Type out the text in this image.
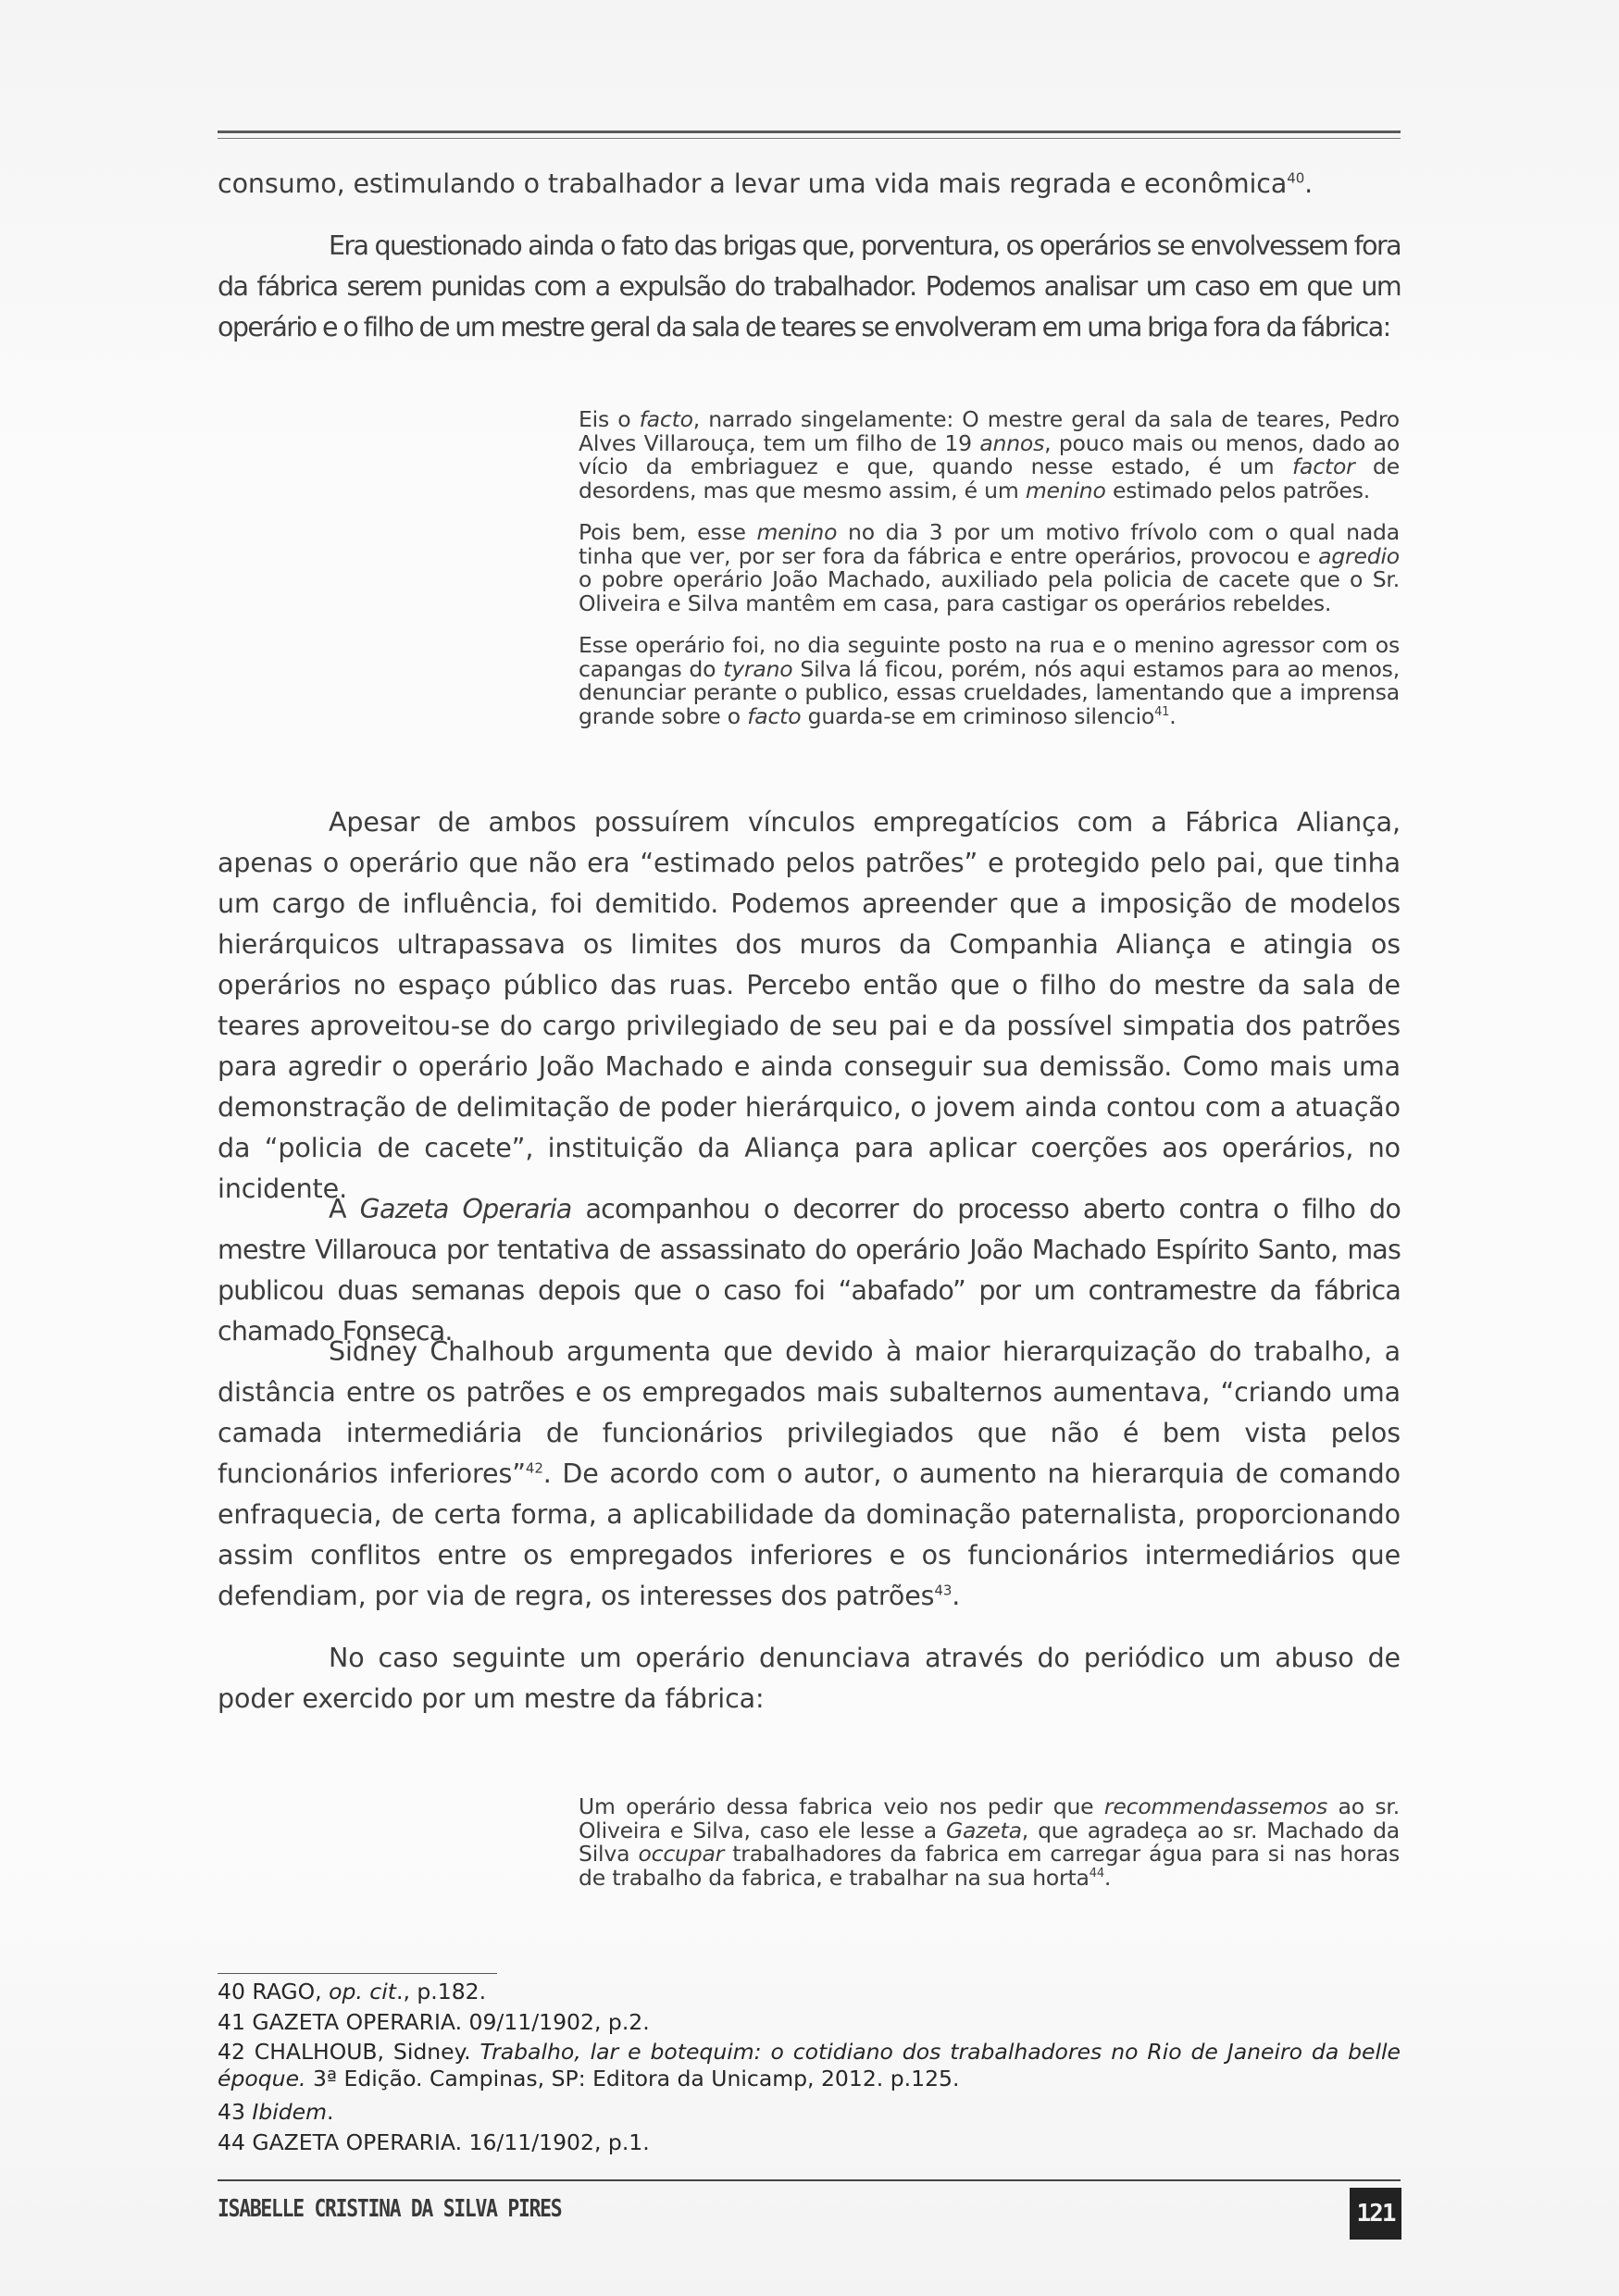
consumo, estimulando o trabalhador a levar uma vida mais regrada e econômica$^{40}$.
Era questionado ainda o fato das brigas que, porventura, os operários se envolvessem fora da fábrica serem punidas com a expulsão do trabalhador. Podemos analisar um caso em que um operário e o filho de um mestre geral da sala de teares se envolveram em uma briga fora da fábrica:

Eis o facto, narrado singelamente: O mestre geral da sala de teares, Pedro Alves Villarouça, tem um filho de 19 annos, pouco mais ou menos, dado ao vício da embriaguez e que, quando nesse estado, é um factor de desordens, mas que mesmo assim, é um menino estimado pelos patrões.

Pois bem, esse menino no dia 3 por um motivo frívolo com o qual nada tinha que ver, por ser fora da fábrica e entre operários, provocou e agredio o pobre operário João Machado, auxiliado pela policia de cacete que o Sr. Oliveira e Silva mantêm em casa, para castigar os operários rebeldes.

Esse operário foi, no dia seguinte posto na rua e o menino agressor com os capangas do tyrano Silva lá ficou, porém, nós aqui estamos para ao menos, denunciar perante o publico, essas crueldades, lamentando que a imprensa grande sobre o facto guarda-se em criminoso silencio$^{41}$.

Apesar de ambos possuírem vínculos empregatícios com a Fábrica Aliança, apenas o operário que não era “estimado pelos patrões” e protegido pelo pai, que tinha um cargo de influência, foi demitido. Podemos apreender que a imposição de modelos hierárquicos ultrapassava os limites dos muros da Companhia Aliança e atingia os operários no espaço público das ruas. Percebo então que o filho do mestre da sala de teares aproveitou-se do cargo privilegiado de seu pai e da possível simpatia dos patrões para agredir o operário João Machado e ainda conseguir sua demissão. Como mais uma demonstração de delimitação de poder hierárquico, o jovem ainda contou com a atuação da “policia de cacete”, instituição da Aliança para aplicar coerções aos operários, no incidente.
A Gazeta Operaria acompanhou o decorrer do processo aberto contra o filho do mestre Villarouca por tentativa de assassinato do operário João Machado Espírito Santo, mas publicou duas semanas depois que o caso foi “abafado” por um contramestre da fábrica chamado Fonseca.
Sidney Chalhoub argumenta que devido à maior hierarquização do trabalho, a distância entre os patrões e os empregados mais subalternos aumentava, “criando uma camada intermediária de funcionários privilegiados que não é bem vista pelos funcionários inferiores”$^{42}$. De acordo com o autor, o aumento na hierarquia de comando enfraquecia, de certa forma, a aplicabilidade da dominação paternalista, proporcionando assim conflitos entre os empregados inferiores e os funcionários intermediários que defendiam, por via de regra, os interesses dos patrões$^{43}$.
No caso seguinte um operário denunciava através do periódico um abuso de poder exercido por um mestre da fábrica:

Um operário dessa fabrica veio nos pedir que recommendassemos ao sr. Oliveira e Silva, caso ele lesse a Gazeta, que agradeça ao sr. Machado da Silva occupar trabalhadores da fabrica em carregar água para si nas horas de trabalho da fabrica, e trabalhar na sua horta$^{44}$.

40 RAGO, op. cit., p.182.

41 GAZETA OPERARIA. 09/11/1902, p.2.

42 CHALHOUB, Sidney. Trabalho, lar e botequim: o cotidiano dos trabalhadores no Rio de Janeiro da belle époque. 3ª Edição. Campinas, SP: Editora da Unicamp, 2012. p.125.

43 Ibidem.

44 GAZETA OPERARIA. 16/11/1902, p.1.

ISABELLE CRISTINA DA SILVA PIRES	121
